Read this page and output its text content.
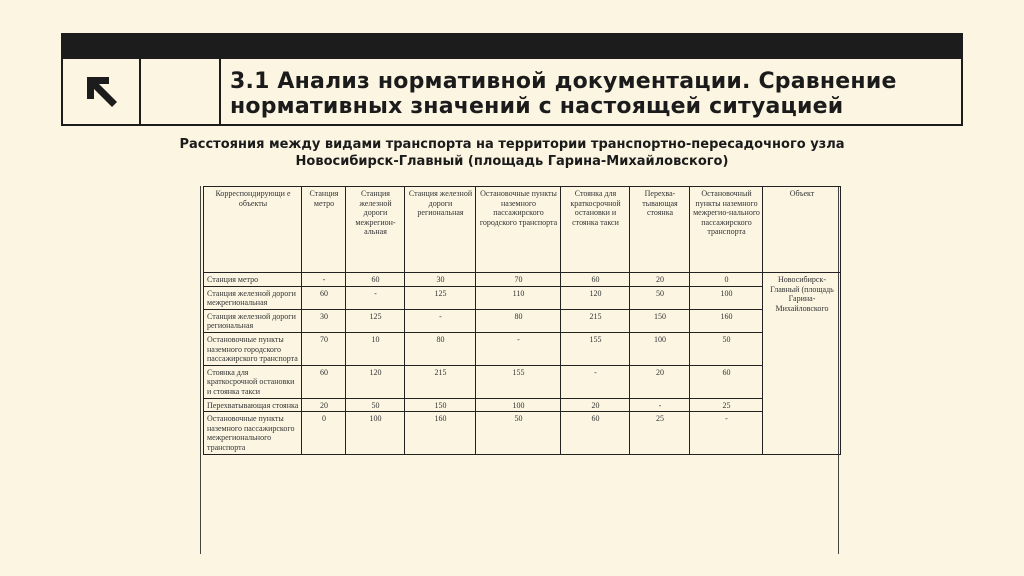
3.1 Анализ нормативной документации. Сравнение
нормативных значений с настоящей ситуацией
Расстояния между видами транспорта на территории транспортно-пересадочного узла
Новосибирск-Главный (площадь Гарина-Михайловского)
Корреспондирующи е объекты	Станция метро	Станция железной дороги межрегион-альная	Станция железной дороги региональная	Остановочные пункты наземного пассажирского городского транспорта	Стоянка для краткосрочной остановки и стоянка такси	Перехва-тывающая стоянка	Остановочный пункты наземного межрегио-нального пассажирского транспорта	Объект
Станция метро	-	60	30	70	60	20	0	Новосибирск-Главный (площадь Гарина-Михайловского
Станция железной дороги межрегиональная	60	-	125	110	120	50	100	
Станция железной дороги региональная	30	125	-	80	215	150	160	
Остановочные пункты наземного городского пассажирского транспорта	70	10	80	-	155	100	50	
Стоянка для краткосрочной остановки и стоянка такси	60	120	215	155	-	20	60	
Перехватывающая стоянка	20	50	150	100	20	-	25	
Остановочные пункты наземного пассажирского межрегионального транспорта	0	100	160	50	60	25	-	
